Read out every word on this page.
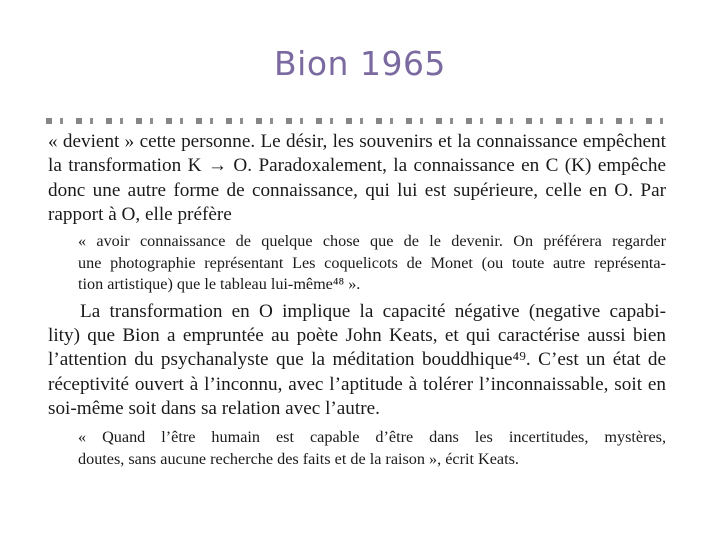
Bion 1965
« devient » cette personne. Le désir, les souvenirs et la connaissance empêchent
la transformation K → O. Paradoxalement, la connaissance en C (K) empêche
donc une autre forme de connaissance, qui lui est supérieure, celle en O. Par
rapport à O, elle préfère
« avoir connaissance de quelque chose que de le devenir. On préférera regarder
une photographie représentant Les coquelicots de Monet (ou toute autre représenta-
tion artistique) que le tableau lui-même⁴⁸ ».
La transformation en O implique la capacité négative (negative capabi-
lity) que Bion a empruntée au poète John Keats, et qui caractérise aussi bien
l’attention du psychanalyste que la méditation bouddhique⁴⁹. C’est un état de
réceptivité ouvert à l’inconnu, avec l’aptitude à tolérer l’inconnaissable, soit en
soi-même soit dans sa relation avec l’autre.
« Quand l’être humain est capable d’être dans les incertitudes, mystères,
doutes, sans aucune recherche des faits et de la raison », écrit Keats.
